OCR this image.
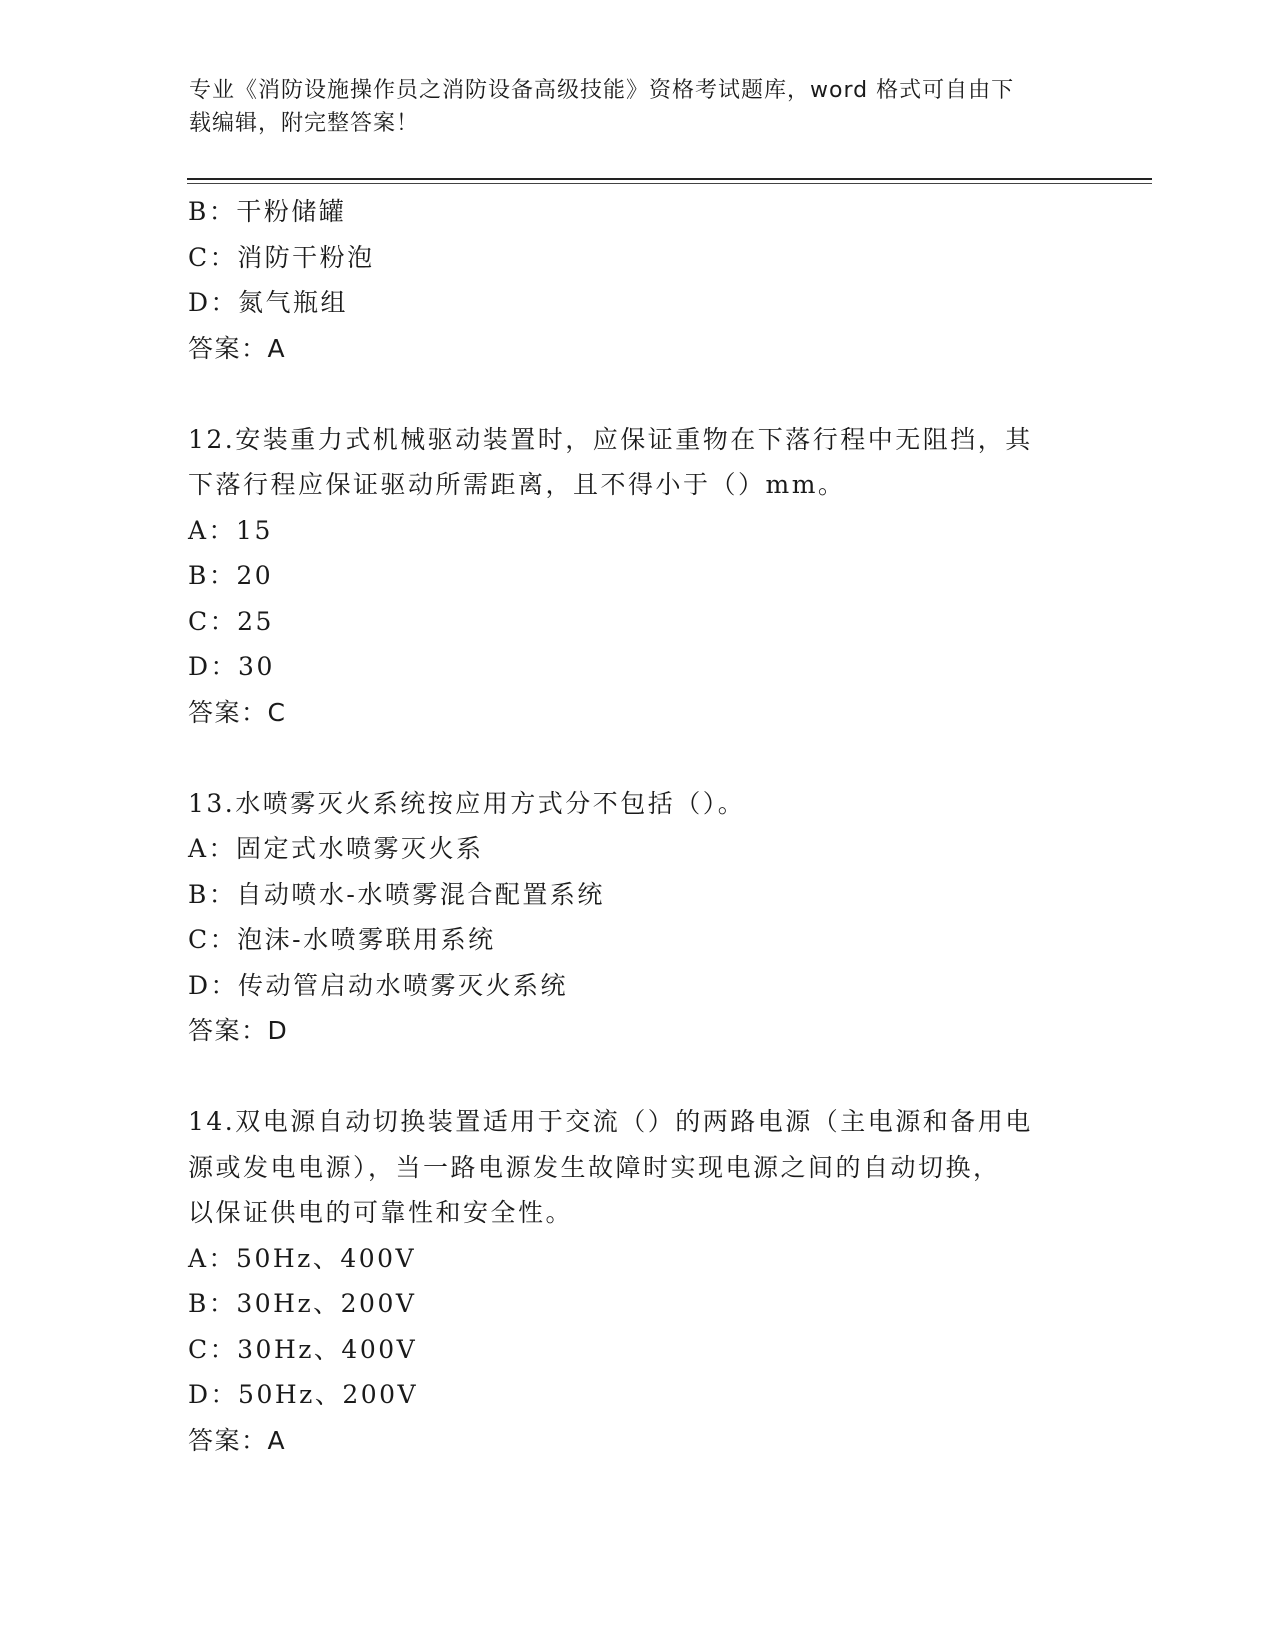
专业《消防设施操作员之消防设备高级技能》资格考试题库，word 格式可自由下
载编辑，附完整答案！
B：干粉储罐
C：消防干粉泡
D：氮气瓶组
答案：A
12.安装重力式机械驱动装置时，应保证重物在下落行程中无阻挡，其
下落行程应保证驱动所需距离，且不得小于（）mm。
A：15
B：20
C：25
D：30
答案：C
13.水喷雾灭火系统按应用方式分不包括（）。
A：固定式水喷雾灭火系
B：自动喷水-水喷雾混合配置系统
C：泡沫-水喷雾联用系统
D：传动管启动水喷雾灭火系统
答案：D
14.双电源自动切换装置适用于交流（）的两路电源（主电源和备用电
源或发电电源），当一路电源发生故障时实现电源之间的自动切换，
以保证供电的可靠性和安全性。
A：50Hz、400V
B：30Hz、200V
C：30Hz、400V
D：50Hz、200V
答案：A
